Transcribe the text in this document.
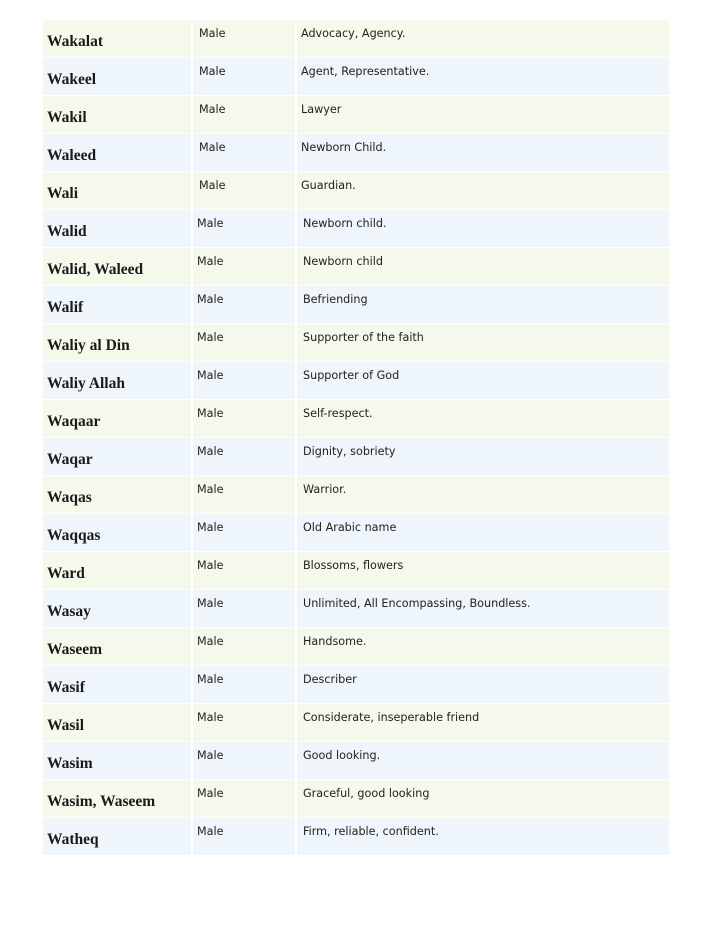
Wakalat	Male	Advocacy, Agency.

Wakeel	Male	Agent, Representative.

Wakil	Male	Lawyer

Waleed	Male	Newborn Child.

Wali	Male	Guardian.

Walid	Male	Newborn child.

Walid, Waleed	Male	Newborn child

Walif	Male	Befriending

Waliy al Din	Male	Supporter of the faith

Waliy Allah	Male	Supporter of God

Waqaar	Male	Self-respect.

Waqar	Male	Dignity, sobriety

Waqas	Male	Warrior.

Waqqas	Male	Old Arabic name

Ward	Male	Blossoms, flowers

Wasay	Male	Unlimited, All Encompassing, Boundless.

Waseem	Male	Handsome.

Wasif	Male	Describer

Wasil	Male	Considerate, inseperable friend

Wasim	Male	Good looking.

Wasim, Waseem	Male	Graceful, good looking

Watheq	Male	Firm, reliable, confident.
